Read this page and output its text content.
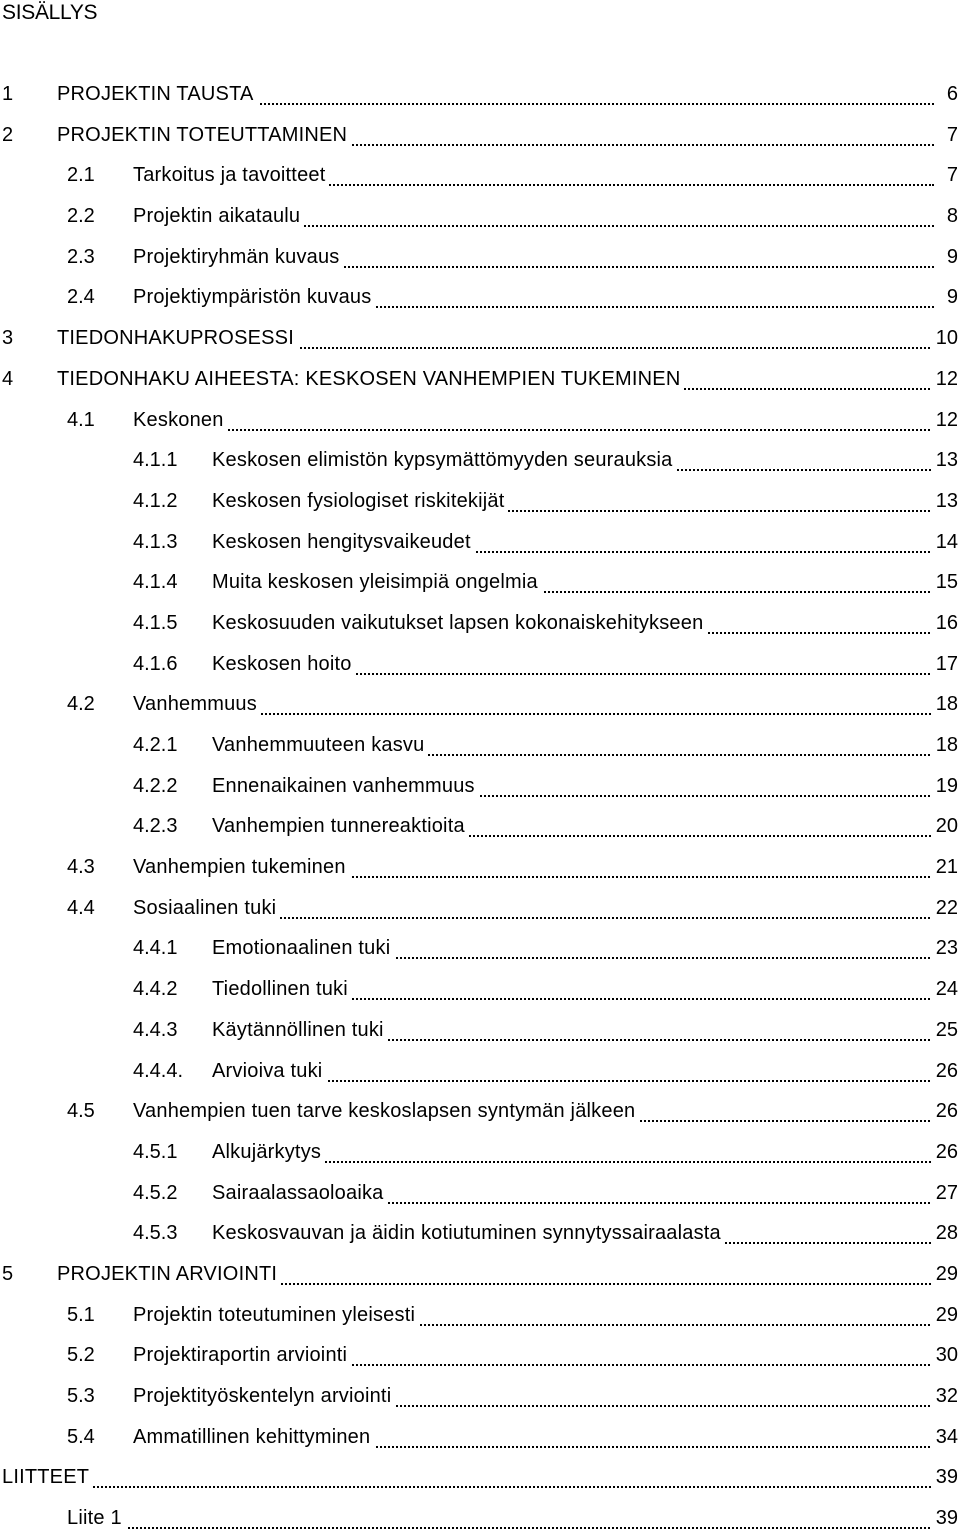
SISÄLLYS
1 PROJEKTIN TAUSTA	6
2 PROJEKTIN TOTEUTTAMINEN	7
2.1 Tarkoitus ja tavoitteet	7
2.2 Projektin aikataulu	8
2.3 Projektiryhmän kuvaus	9
2.4 Projektiympäristön kuvaus	9
3 TIEDONHAKUPROSESSI	10
4 TIEDONHAKU AIHEESTA: KESKOSEN VANHEMPIEN TUKEMINEN	12
4.1 Keskonen	12
4.1.1 Keskosen elimistön kypsymättömyyden seurauksia	13
4.1.2 Keskosen fysiologiset riskitekijät	13
4.1.3 Keskosen hengitysvaikeudet	14
4.1.4 Muita keskosen yleisimpiä ongelmia	15
4.1.5 Keskosuuden vaikutukset lapsen kokonaiskehitykseen	16
4.1.6 Keskosen hoito	17
4.2 Vanhemmuus	18
4.2.1 Vanhemmuuteen kasvu	18
4.2.2 Ennenaikainen vanhemmuus	19
4.2.3 Vanhempien tunnereaktioita	20
4.3 Vanhempien tukeminen	21
4.4 Sosiaalinen tuki	22
4.4.1 Emotionaalinen tuki	23
4.4.2 Tiedollinen tuki	24
4.4.3 Käytännöllinen tuki	25
4.4.4. Arvioiva tuki	26
4.5 Vanhempien tuen tarve keskoslapsen syntymän jälkeen	26
4.5.1 Alkujärkytys	26
4.5.2 Sairaalassaoloaika	27
4.5.3 Keskosvauvan ja äidin kotiutuminen synnytyssairaalasta	28
5 PROJEKTIN ARVIOINTI	29
5.1 Projektin toteutuminen yleisesti	29
5.2 Projektiraportin arviointi	30
5.3 Projektityöskentelyn arviointi	32
5.4 Ammatillinen kehittyminen	34
LIITTEET	39
Liite 1	39
